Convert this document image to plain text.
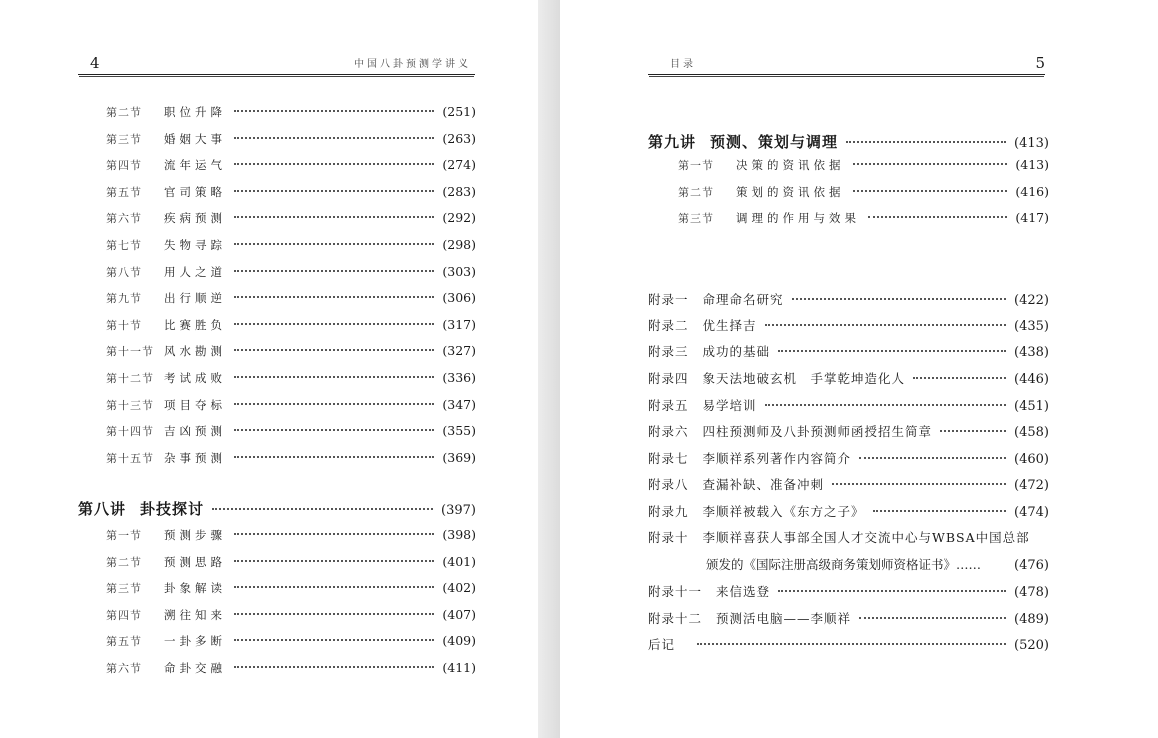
4	中国八卦预测学讲义
第二节	职位升降	(251)
第三节	婚姻大事	(263)
第四节	流年运气	(274)
第五节	官司策略	(283)
第六节	疾病预测	(292)
第七节	失物寻踪	(298)
第八节	用人之道	(303)
第九节	出行顺逆	(306)
第十节	比赛胜负	(317)
第十一节 风水勘测	(327)
第十二节 考试成败	(336)
第十三节 项目夺标	(347)
第十四节 吉凶预测	(355)
第十五节 杂事预测	(369)
第八讲 卦技探讨	(397)
第一节	预测步骤	(398)
第二节	预测思路	(401)
第三节	卦象解读	(402)
第四节	溯往知来	(407)
第五节	一卦多断	(409)
第六节	命卦交融	(411)
目录	5
第九讲 预测、策划与调理	(413)
第一节	决策的资讯依据	(413)
第二节	策划的资讯依据	(416)
第三节	调理的作用与效果	(417)
附录一 命理命名研究	(422)
附录二 优生择吉	(435)
附录三 成功的基础	(438)
附录四 象天法地破玄机　手掌乾坤造化人	(446)
附录五 易学培训	(451)
附录六 四柱预测师及八卦预测师函授招生简章	(458)
附录七 李顺祥系列著作内容简介	(460)
附录八 查漏补缺、准备冲刺	(472)
附录九 李顺祥被载入《东方之子》	(474)
附录十 李顺祥喜获人事部全国人才交流中心与WBSA中国总部
颁发的《国际注册高级商务策划师资格证书》……	(476)
附录十一 来信选登	(478)
附录十二 预测活电脑——李顺祥	(489)
后记	(520)
